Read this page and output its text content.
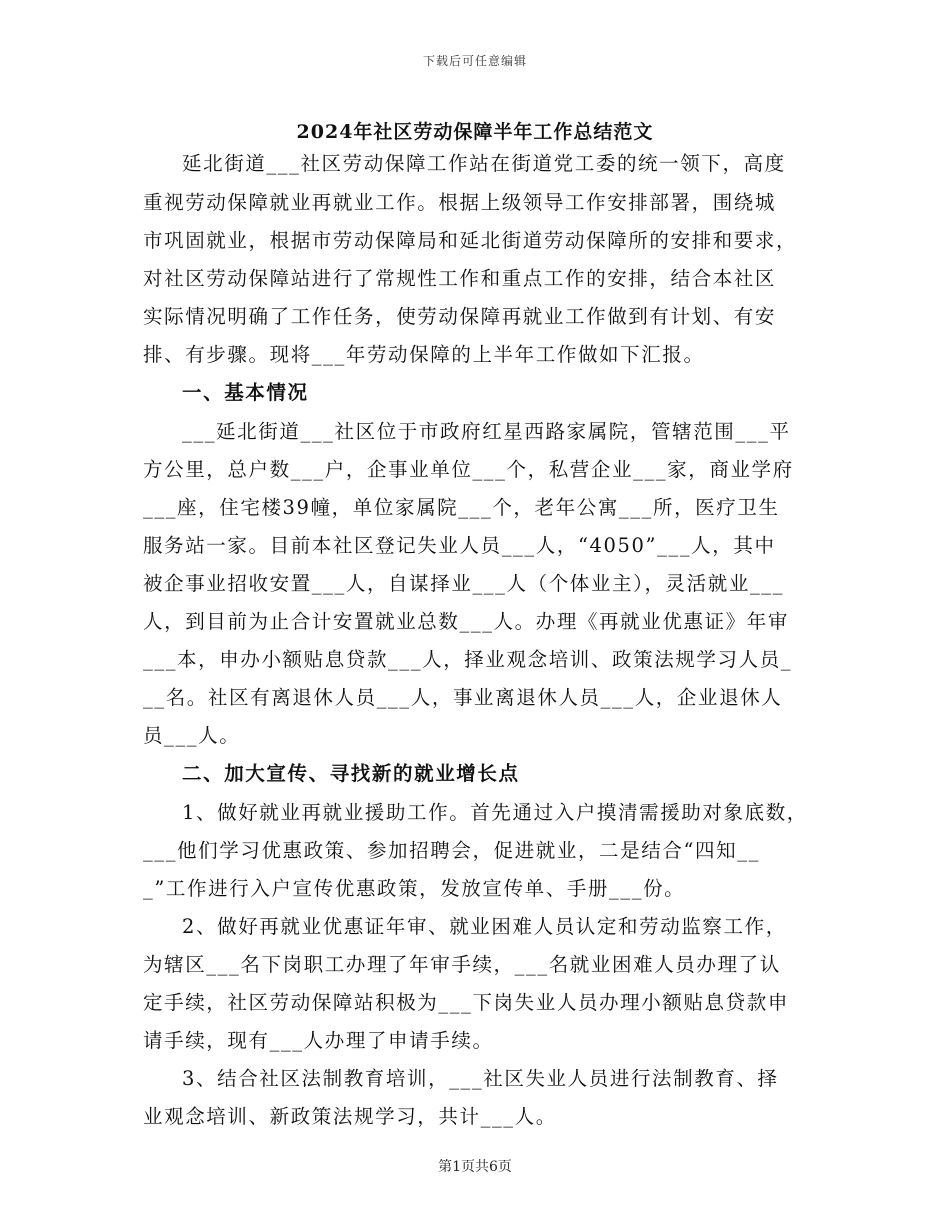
下载后可任意编辑
2024年社区劳动保障半年工作总结范文
延北街道___社区劳动保障工作站在街道党工委的统一领下，高度
重视劳动保障就业再就业工作。根据上级领导工作安排部署，围绕城
市巩固就业，根据市劳动保障局和延北街道劳动保障所的安排和要求，
对社区劳动保障站进行了常规性工作和重点工作的安排，结合本社区
实际情况明确了工作任务，使劳动保障再就业工作做到有计划、有安
排、有步骤。现将___年劳动保障的上半年工作做如下汇报。
一、基本情况
___延北街道___社区位于市政府红星西路家属院，管辖范围___平
方公里，总户数___户，企事业单位___个，私营企业___家，商业学府
___座，住宅楼39幢，单位家属院___个，老年公寓___所，医疗卫生
服务站一家。目前本社区登记失业人员___人，“4050”___人，其中
被企事业招收安置___人，自谋择业___人（个体业主），灵活就业___
人，到目前为止合计安置就业总数___人。办理《再就业优惠证》年审
___本，申办小额贴息贷款___人，择业观念培训、政策法规学习人员_
__名。社区有离退休人员___人，事业离退休人员___人，企业退休人
员___人。
二、加大宣传、寻找新的就业增长点
1、做好就业再就业援助工作。首先通过入户摸清需援助对象底数，
___他们学习优惠政策、参加招聘会，促进就业，二是结合“四知__
_”工作进行入户宣传优惠政策，发放宣传单、手册___份。
2、做好再就业优惠证年审、就业困难人员认定和劳动监察工作，
为辖区___名下岗职工办理了年审手续，___名就业困难人员办理了认
定手续，社区劳动保障站积极为___下岗失业人员办理小额贴息贷款申
请手续，现有___人办理了申请手续。
3、结合社区法制教育培训，___社区失业人员进行法制教育、择
业观念培训、新政策法规学习，共计___人。
第1页共6页
